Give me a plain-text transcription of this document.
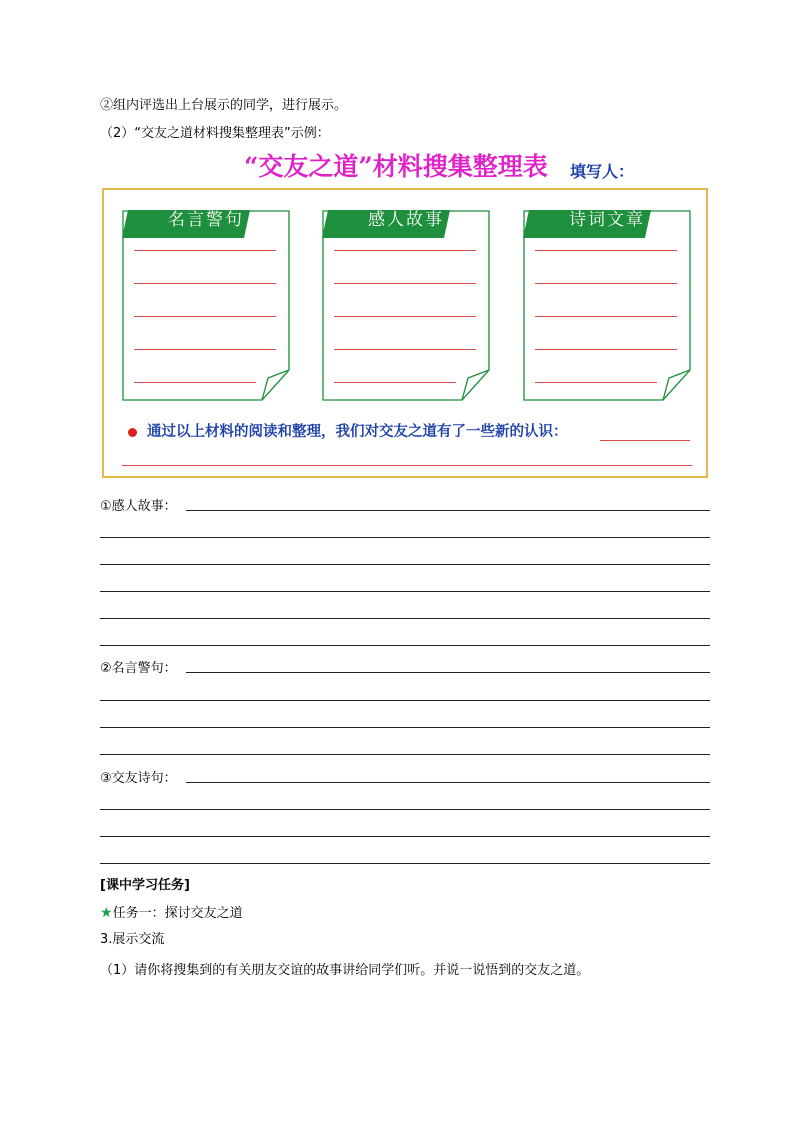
②组内评选出上台展示的同学，进行展示。
（2）“交友之道材料搜集整理表”示例：
“交友之道”材料搜集整理表 填写人：
名言警句	感人故事	诗词文章
通过以上材料的阅读和整理，我们对交友之道有了一些新的认识：
①感人故事：
②名言警句：
③交友诗句：
[课中学习任务]
★任务一：探讨交友之道
3.展示交流
（1）请你将搜集到的有关朋友交谊的故事讲给同学们听。并说一说悟到的交友之道。
